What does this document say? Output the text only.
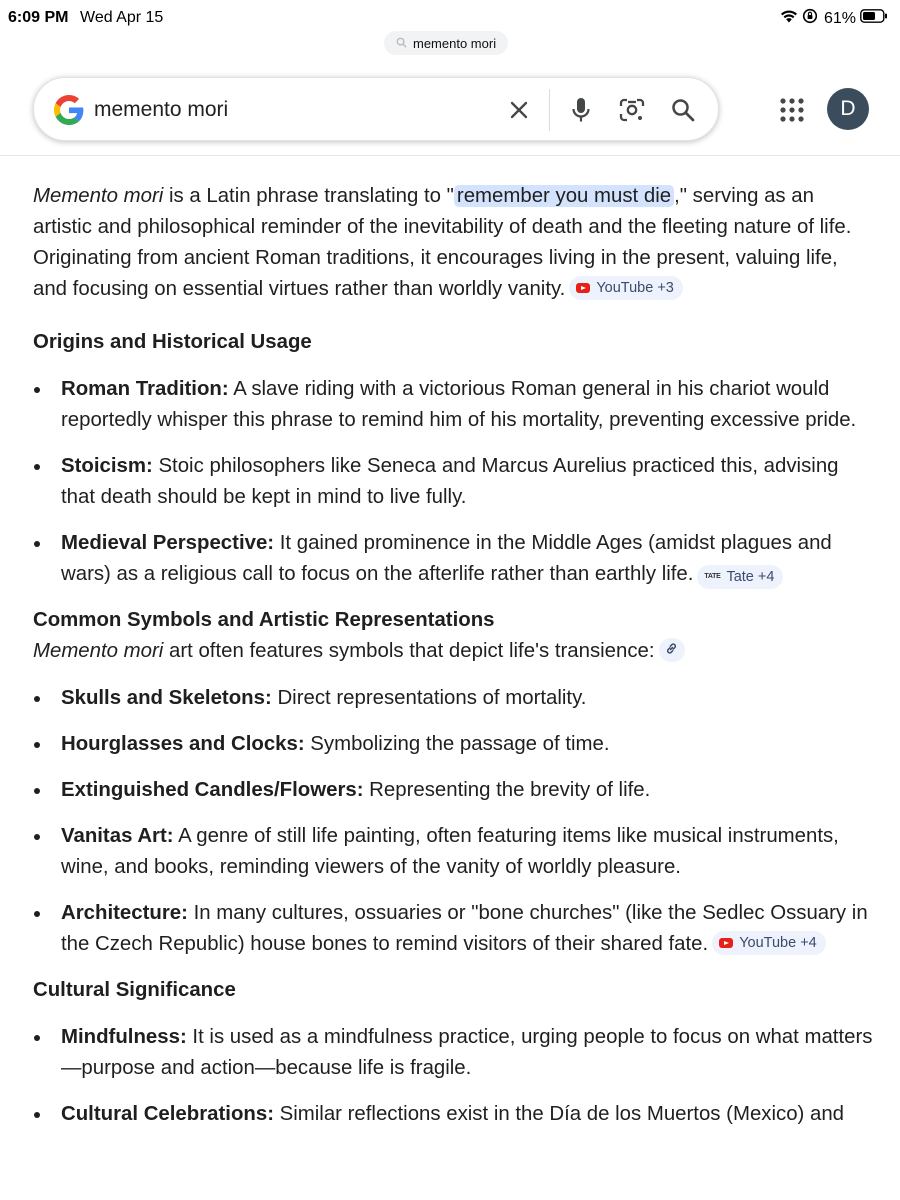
6:09 PM Wed Apr 15	61%
memento mori
memento mori	D

Memento mori is a Latin phrase translating to " remember you must die ," serving as an artistic and philosophical reminder of the inevitability of death and the fleeting nature of life. Originating from ancient Roman traditions, it encourages living in the present, valuing life, and focusing on essential virtues rather than worldly vanity. YouTube +3

Origins and Historical Usage
Roman Tradition: A slave riding with a victorious Roman general in his chariot would reportedly whisper this phrase to remind him of his mortality, preventing excessive pride.
Stoicism: Stoic philosophers like Seneca and Marcus Aurelius practiced this, advising that death should be kept in mind to live fully.
Medieval Perspective: It gained prominence in the Middle Ages (amidst plagues and wars) as a religious call to focus on the afterlife rather than earthly life. TATE Tate +4
Common Symbols and Artistic Representations

Memento mori art often features symbols that depict life's transience:

Skulls and Skeletons: Direct representations of mortality.
Hourglasses and Clocks: Symbolizing the passage of time.
Extinguished Candles/Flowers: Representing the brevity of life.
Vanitas Art: A genre of still life painting, often featuring items like musical instruments, wine, and books, reminding viewers of the vanity of worldly pleasure.
Architecture: In many cultures, ossuaries or "bone churches" (like the Sedlec Ossuary in the Czech Republic) house bones to remind visitors of their shared fate. YouTube +4
Cultural Significance
Mindfulness: It is used as a mindfulness practice, urging people to focus on what matters—purpose and action—because life is fragile.
Cultural Celebrations: Similar reflections exist in the Día de los Muertos (Mexico) and
